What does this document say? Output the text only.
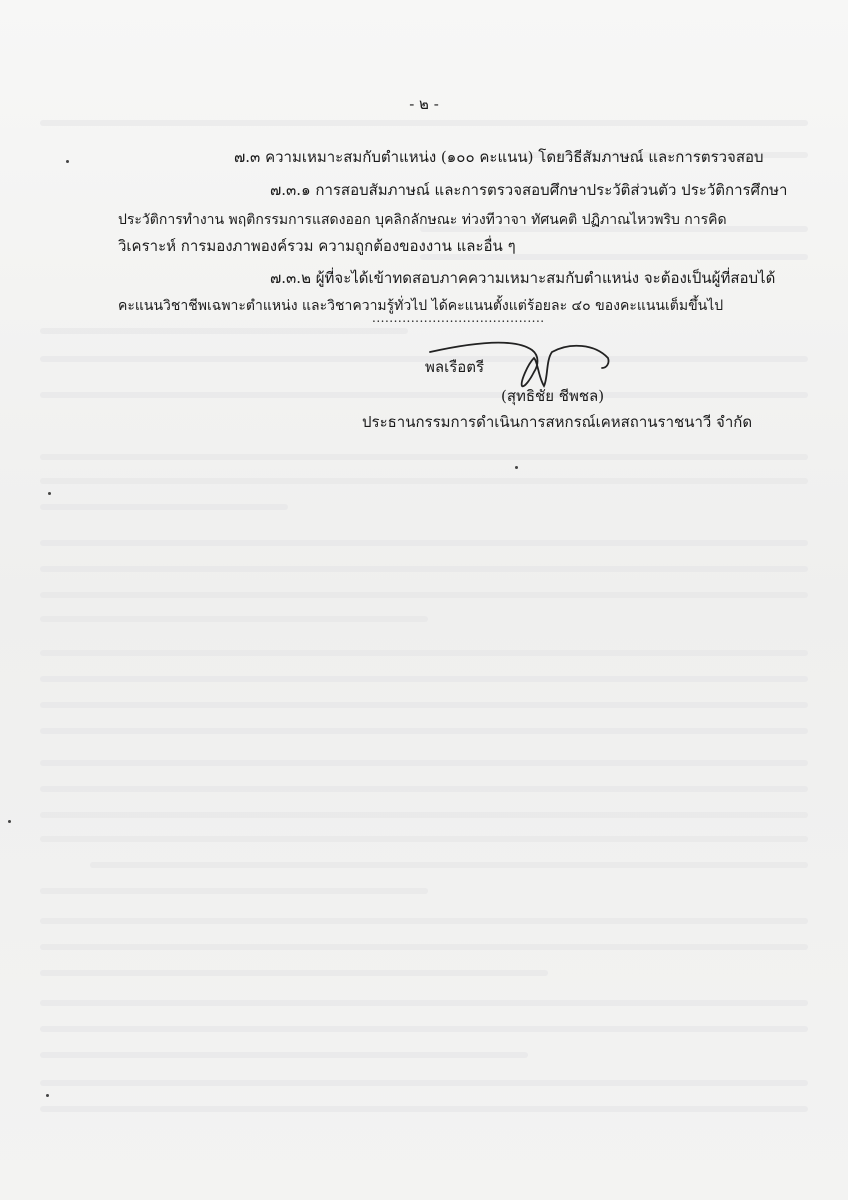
- ๒ -
๗.๓ ความเหมาะสมกับตำแหน่ง (๑๐๐ คะแนน) โดยวิธีสัมภาษณ์ และการตรวจสอบ
๗.๓.๑ การสอบสัมภาษณ์ และการตรวจสอบศึกษาประวัติส่วนตัว ประวัติการศึกษา
ประวัติการทำงาน พฤติกรรมการแสดงออก บุคลิกลักษณะ ท่วงทีวาจา ทัศนคติ ปฏิภาณไหวพริบ การคิด
วิเคราะห์ การมองภาพองค์รวม ความถูกต้องของงาน และอื่น ๆ
๗.๓.๒ ผู้ที่จะได้เข้าทดสอบภาคความเหมาะสมกับตำแหน่ง จะต้องเป็นผู้ที่สอบได้
คะแนนวิชาชีพเฉพาะตำแหน่ง และวิชาความรู้ทั่วไป ได้คะแนนตั้งแต่ร้อยละ ๔๐ ของคะแนนเต็มขึ้นไป
........................................
พลเรือตรี
(สุทธิชัย ชีพชล)
ประธานกรรมการดำเนินการสหกรณ์เคหสถานราชนาวี จำกัด
